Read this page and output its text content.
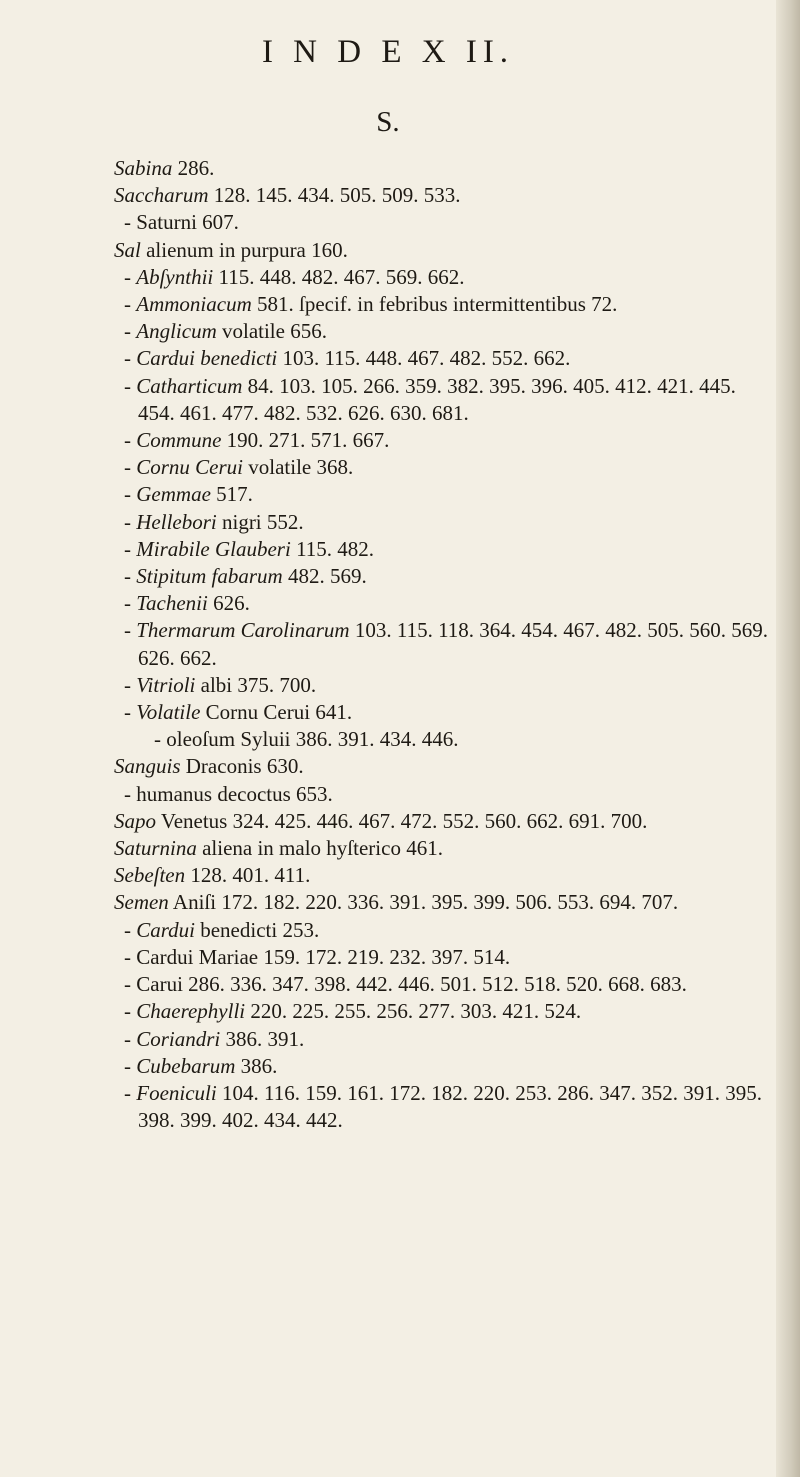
I N D E X II.
S.

Sabina 286.

Saccharum 128. 145. 434. 505. 509. 533.

- Saturni 607.

Sal alienum in purpura 160.

- Abſynthii 115. 448. 482. 467. 569. 662.

- Ammoniacum 581. ſpecif. in febribus intermittentibus 72.

- Anglicum volatile 656.

- Cardui benedicti 103. 115. 448. 467. 482. 552. 662.

- Catharticum 84. 103. 105. 266. 359. 382. 395. 396. 405. 412. 421. 445. 454. 461. 477. 482. 532. 626. 630. 681.

- Commune 190. 271. 571. 667.

- Cornu Cerui volatile 368.

- Gemmae 517.

- Hellebori nigri 552.

- Mirabile Glauberi 115. 482.

- Stipitum fabarum 482. 569.

- Tachenii 626.

- Thermarum Carolinarum 103. 115. 118. 364. 454. 467. 482. 505. 560. 569. 626. 662.

- Vitrioli albi 375. 700.

- Volatile Cornu Cerui 641.

- oleoſum Syluii 386. 391. 434. 446.

Sanguis Draconis 630.

- humanus decoctus 653.

Sapo Venetus 324. 425. 446. 467. 472. 552. 560. 662. 691. 700.

Saturnina aliena in malo hyſterico 461.

Sebeſten 128. 401. 411.

Semen Aniſi 172. 182. 220. 336. 391. 395. 399. 506. 553. 694. 707.

- Cardui benedicti 253.

- Cardui Mariae 159. 172. 219. 232. 397. 514.

- Carui 286. 336. 347. 398. 442. 446. 501. 512. 518. 520. 668. 683.

- Chaerephylli 220. 225. 255. 256. 277. 303. 421. 524.

- Coriandri 386. 391.

- Cubebarum 386.

- Foeniculi 104. 116. 159. 161. 172. 182. 220. 253. 286. 347. 352. 391. 395. 398. 399. 402. 434. 442.
